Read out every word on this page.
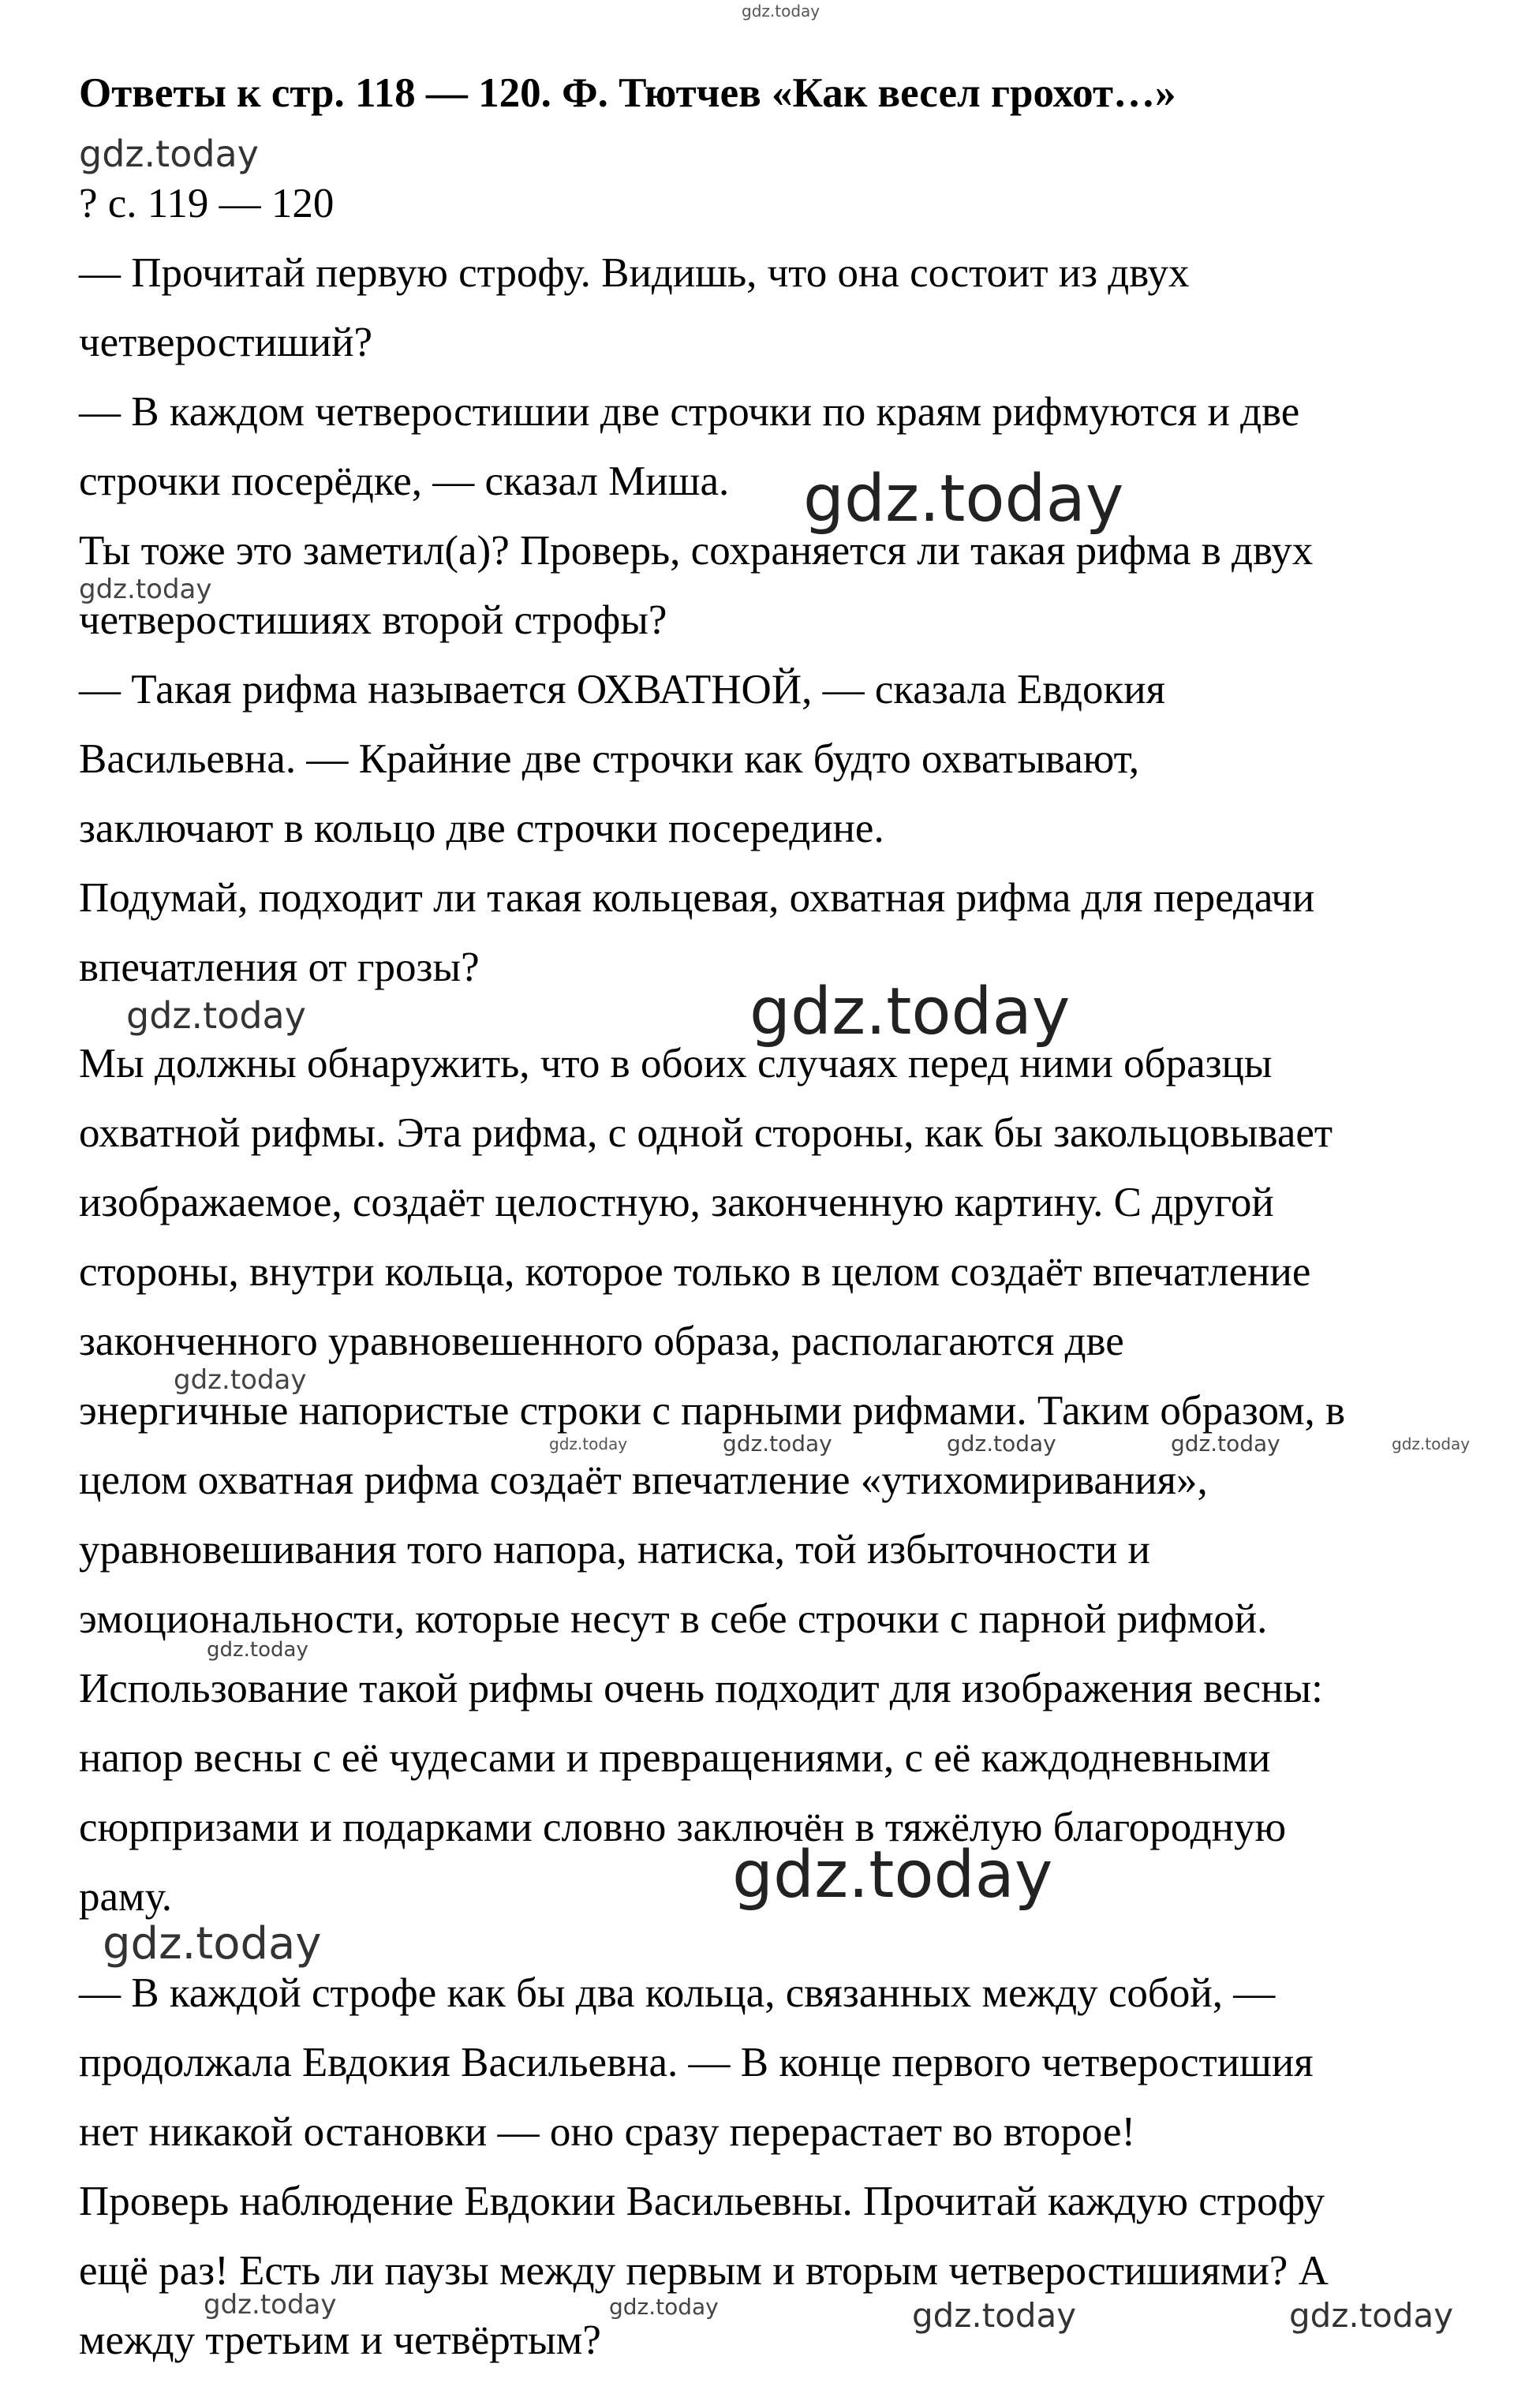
gdz.today
Ответы к стр. 118 — 120. Ф. Тютчев «Как весел грохот…»
? с. 119 — 120
— Прочитай первую строфу. Видишь, что она состоит из двух
четверостиший?
— В каждом четверостишии две строчки по краям рифмуются и две
строчки посерёдке, — сказал Миша.
Ты тоже это заметил(а)? Проверь, сохраняется ли такая рифма в двух
четверостишиях второй строфы?
— Такая рифма называется ОХВАТНОЙ, — сказала Евдокия
Васильевна. — Крайние две строчки как будто охватывают,
заключают в кольцо две строчки посередине.
Подумай, подходит ли такая кольцевая, охватная рифма для передачи
впечатления от грозы?
Мы должны обнаружить, что в обоих случаях перед ними образцы
охватной рифмы. Эта рифма, с одной стороны, как бы закольцовывает
изображаемое, создаёт целостную, законченную картину. С другой
стороны, внутри кольца, которое только в целом создаёт впечатление
законченного уравновешенного образа, располагаются две
энергичные напористые строки с парными рифмами. Таким образом, в
целом охватная рифма создаёт впечатление «утихомиривания»,
уравновешивания того напора, натиска, той избыточности и
эмоциональности, которые несут в себе строчки с парной рифмой.
Использование такой рифмы очень подходит для изображения весны:
напор весны с её чудесами и превращениями, с её каждодневными
сюрпризами и подарками словно заключён в тяжёлую благородную
раму.
— В каждой строфе как бы два кольца, связанных между собой, —
продолжала Евдокия Васильевна. — В конце первого четверостишия
нет никакой остановки — оно сразу перерастает во второе!
Проверь наблюдение Евдокии Васильевны. Прочитай каждую строфу
ещё раз! Есть ли паузы между первым и вторым четверостишиями? А
между третьим и четвёртым?
gdz.today
gdz.today
gdz.today
gdz.today	gdz.today
gdz.today
gdz.today	gdz.today	gdz.today	gdz.today	gdz.today
gdz.today
gdz.today
gdz.today
gdz.today	gdz.today	gdz.today	gdz.today
